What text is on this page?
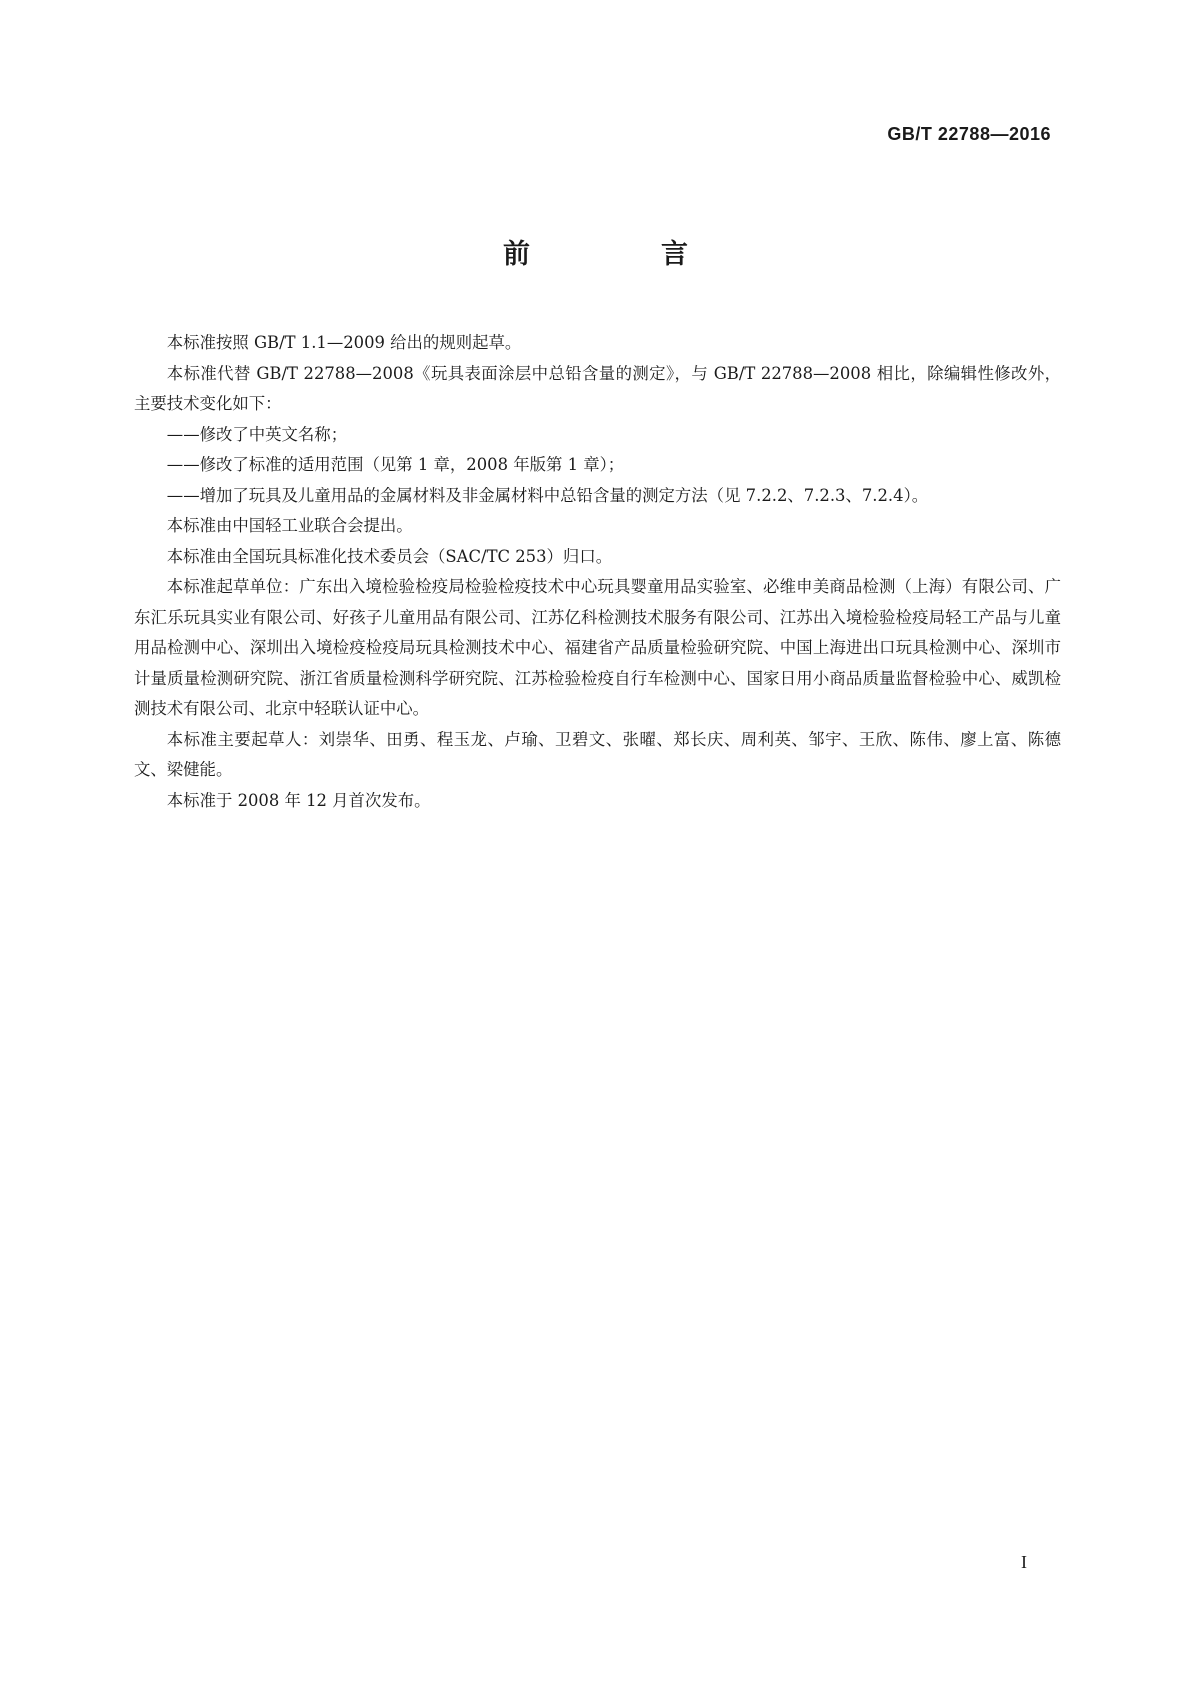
GB/T 22788—2016
前　言

本标准按照 GB/T 1.1—2009 给出的规则起草。

本标准代替 GB/T 22788—2008《玩具表面涂层中总铅含量的测定》，与 GB/T 22788—2008 相比，除编辑性修改外，主要技术变化如下：

——修改了中英文名称；

——修改了标准的适用范围（见第 1 章，2008 年版第 1 章）；

——增加了玩具及儿童用品的金属材料及非金属材料中总铅含量的测定方法（见 7.2.2、7.2.3、7.2.4）。

本标准由中国轻工业联合会提出。

本标准由全国玩具标准化技术委员会（SAC/TC 253）归口。

本标准起草单位：广东出入境检验检疫局检验检疫技术中心玩具婴童用品实验室、必维申美商品检测（上海）有限公司、广东汇乐玩具实业有限公司、好孩子儿童用品有限公司、江苏亿科检测技术服务有限公司、江苏出入境检验检疫局轻工产品与儿童用品检测中心、深圳出入境检疫检疫局玩具检测技术中心、福建省产品质量检验研究院、中国上海进出口玩具检测中心、深圳市计量质量检测研究院、浙江省质量检测科学研究院、江苏检验检疫自行车检测中心、国家日用小商品质量监督检验中心、威凯检测技术有限公司、北京中轻联认证中心。

本标准主要起草人：刘崇华、田勇、程玉龙、卢瑜、卫碧文、张曜、郑长庆、周利英、邹宇、王欣、陈伟、廖上富、陈德文、梁健能。

本标准于 2008 年 12 月首次发布。

I
